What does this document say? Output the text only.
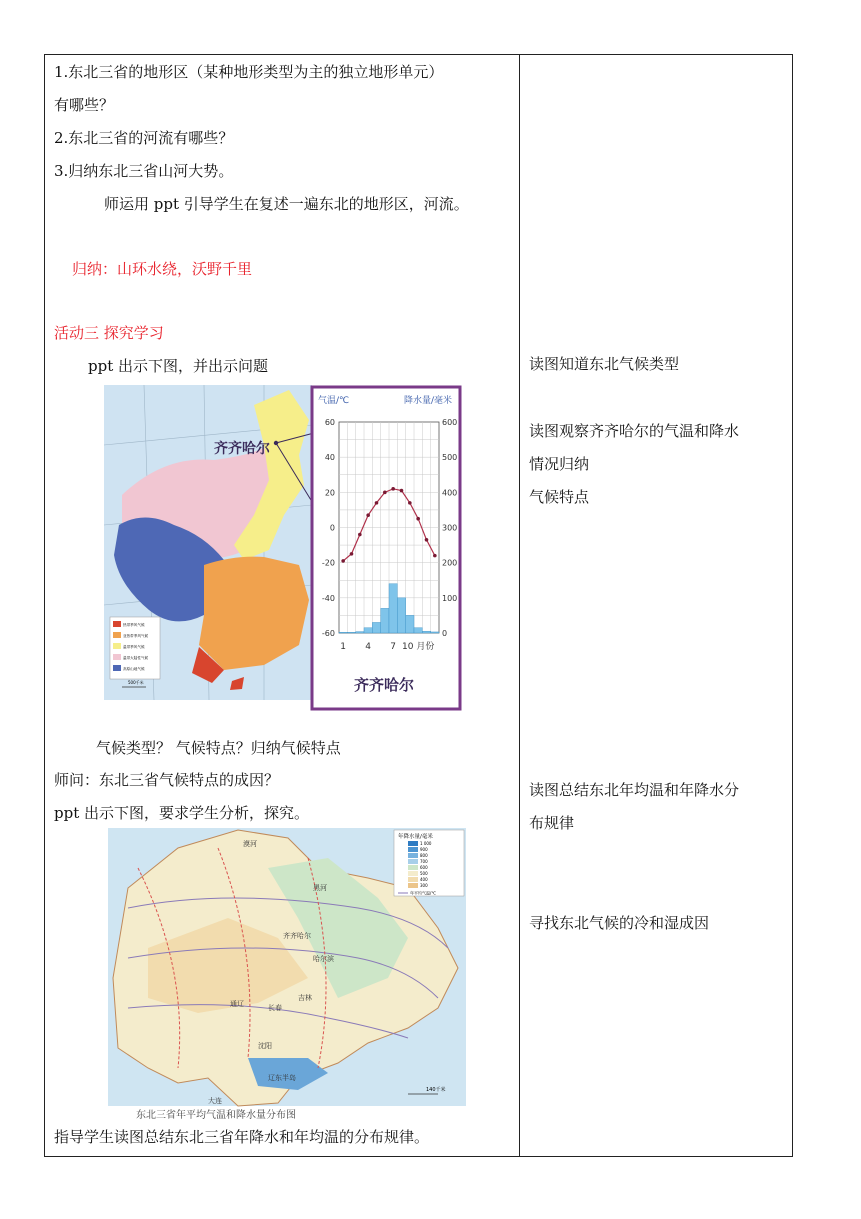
1.东北三省的地形区（某种地形类型为主的独立地形单元）
有哪些？
2.东北三省的河流有哪些？
3.归纳东北三省山河大势。
师运用 ppt 引导学生在复述一遍东北的地形区，河流。
归纳：山环水绕，沃野千里
活动三 探究学习
ppt 出示下图，并出示问题
热带季风气候
亚热带季风气候
温带季风气候
温带大陆性气候
高原山地气候
500千米
齐齐哈尔
气温/℃	降水量/毫米
60
40
20
0
-20
-40
-60
600
500
400
300
200
100
0
1 4 7 10 月份
齐齐哈尔
气候类型？ 气候特点？归纳气候特点
师问：东北三省气候特点的成因？
ppt 出示下图，要求学生分析，探究。
年降水量/毫米
1 000
900
800
700
600
500
400
300
年平均气温/℃
漠河
黑河
齐齐哈尔
哈尔滨
长春
吉林
通辽
沈阳
辽东半岛
大连
140千米
东北三省年平均气温和降水量分布图
指导学生读图总结东北三省年降水和年均温的分布规律。
读图知道东北气候类型
读图观察齐齐哈尔的气温和降水
情况归纳
气候特点
读图总结东北年均温和年降水分
布规律
寻找东北气候的冷和湿成因
